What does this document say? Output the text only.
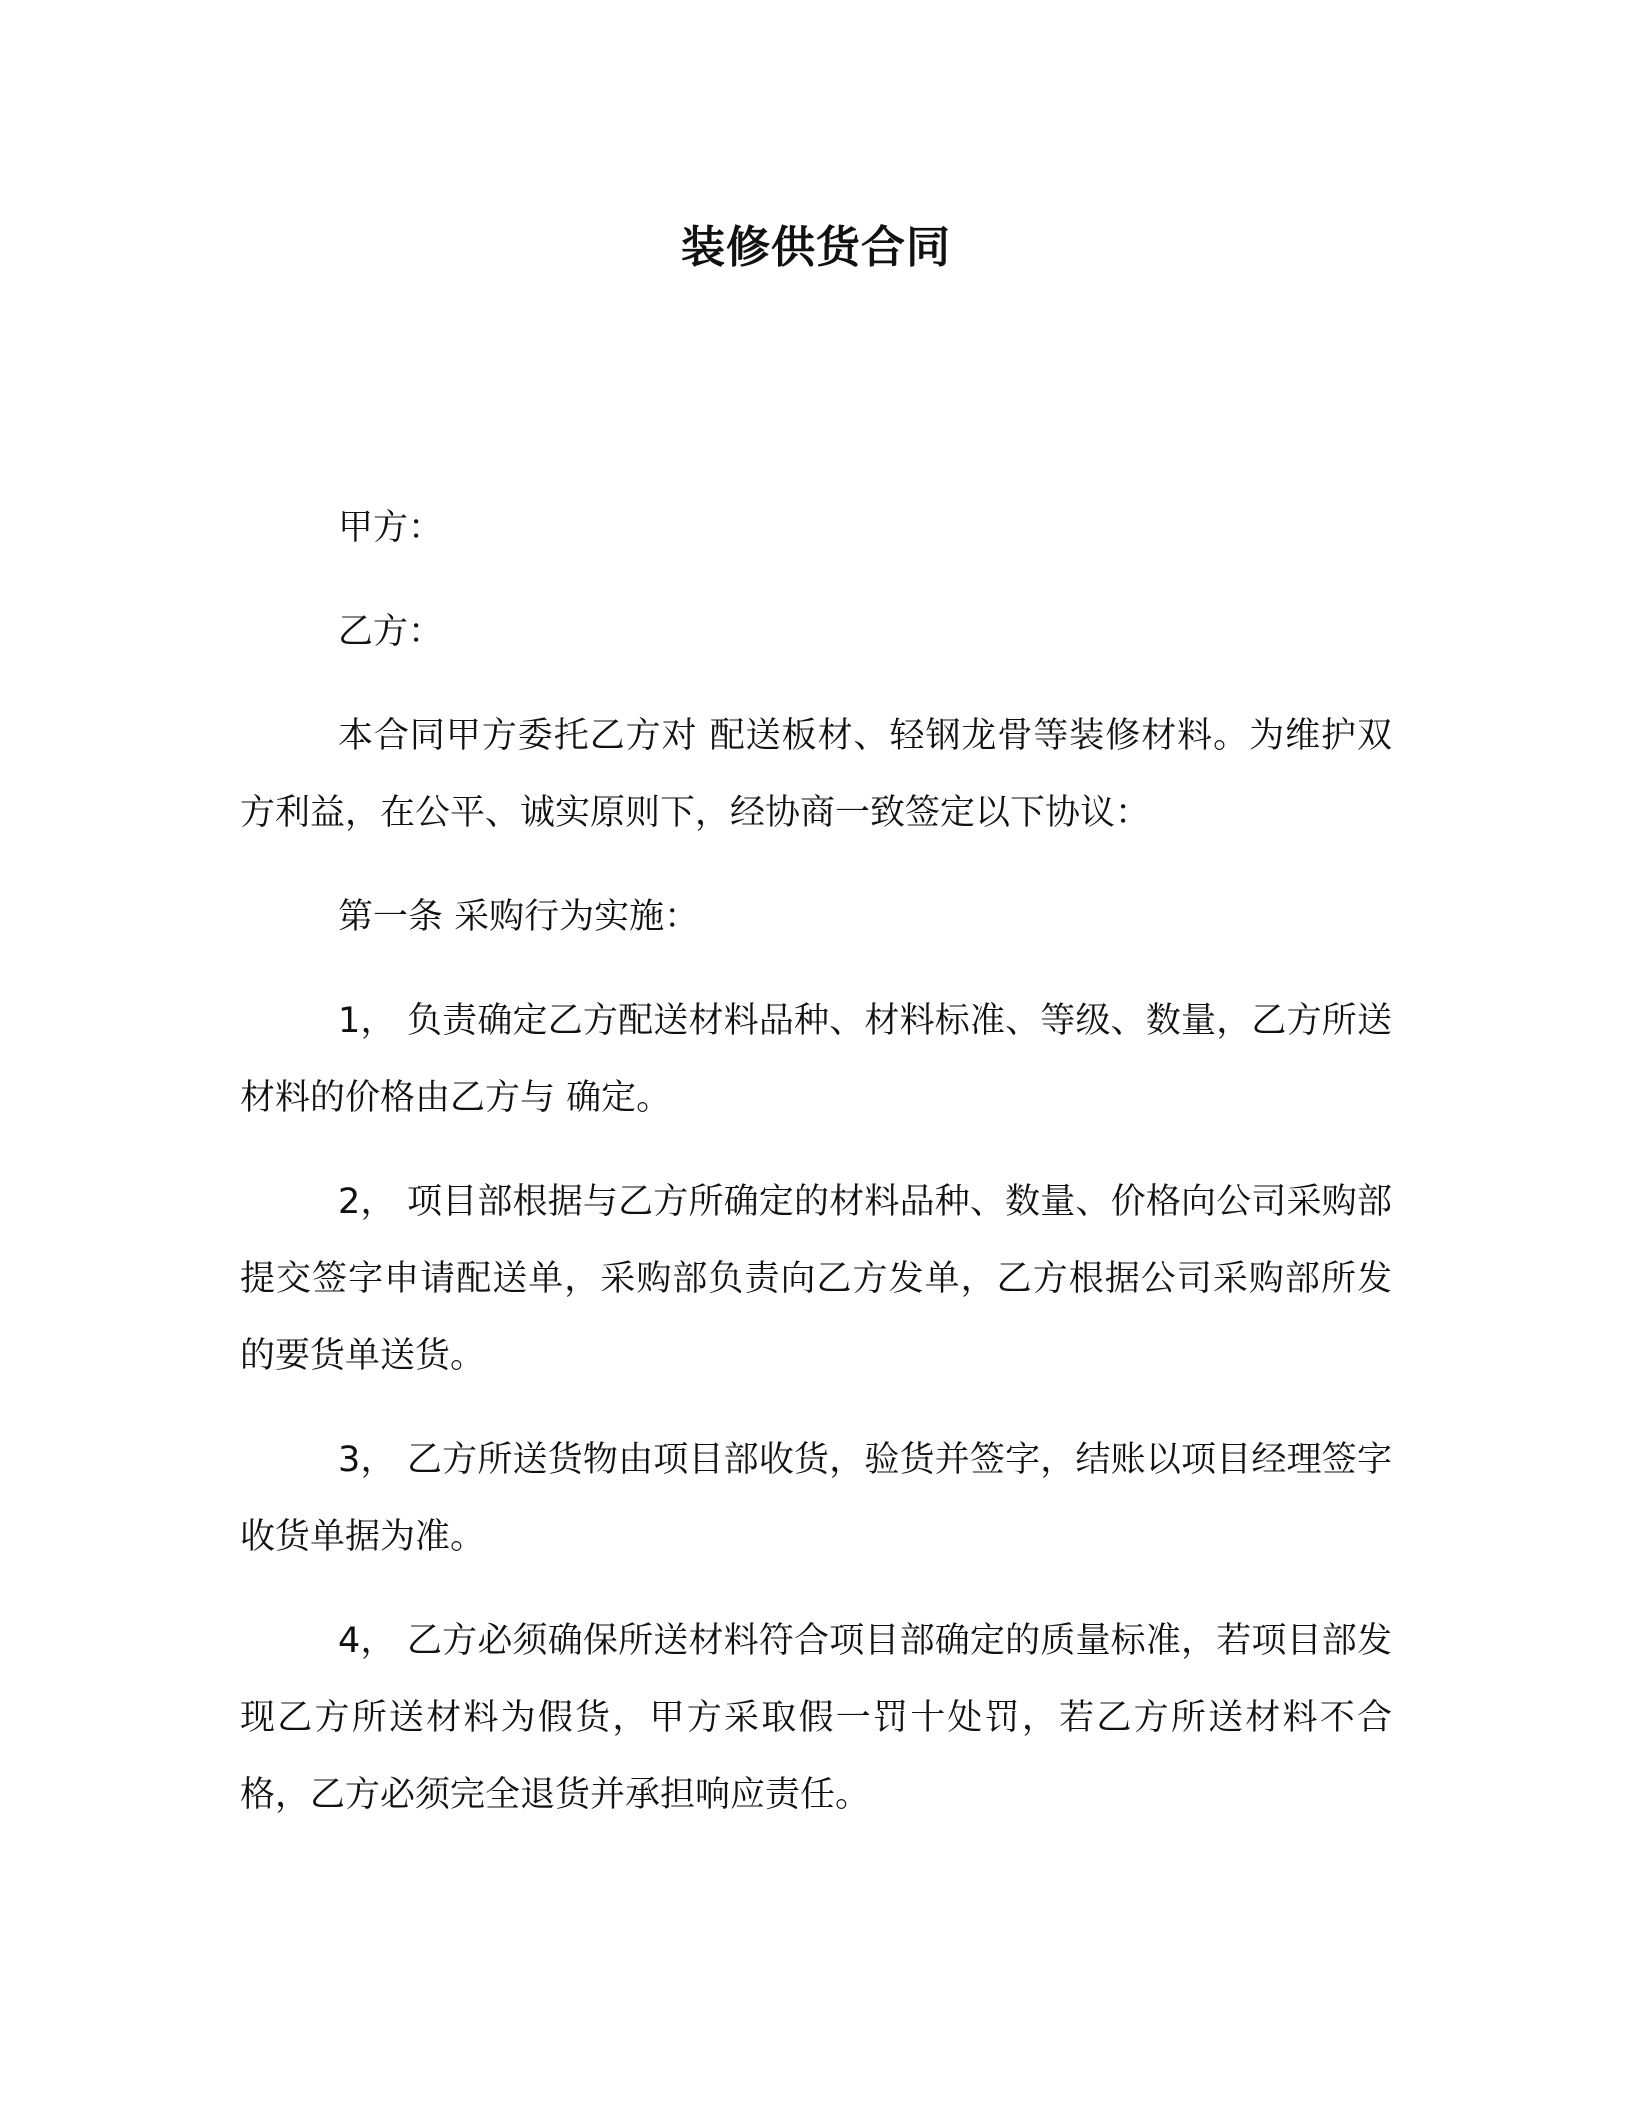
装修供货合同

甲方：

乙方：

本合同甲方委托乙方对 配送板材、轻钢龙骨等装修材料。为维护双方利益，在公平、诚实原则下，经协商一致签定以下协议：

第一条 采购行为实施：

1， 负责确定乙方配送材料品种、材料标准、等级、数量，乙方所送材料的价格由乙方与 确定。

2， 项目部根据与乙方所确定的材料品种、数量、价格向公司采购部提交签字申请配送单，采购部负责向乙方发单，乙方根据公司采购部所发的要货单送货。

3， 乙方所送货物由项目部收货，验货并签字，结账以项目经理签字收货单据为准。

4， 乙方必须确保所送材料符合项目部确定的质量标准，若项目部发现乙方所送材料为假货，甲方采取假一罚十处罚，若乙方所送材料不合格，乙方必须完全退货并承担响应责任。
